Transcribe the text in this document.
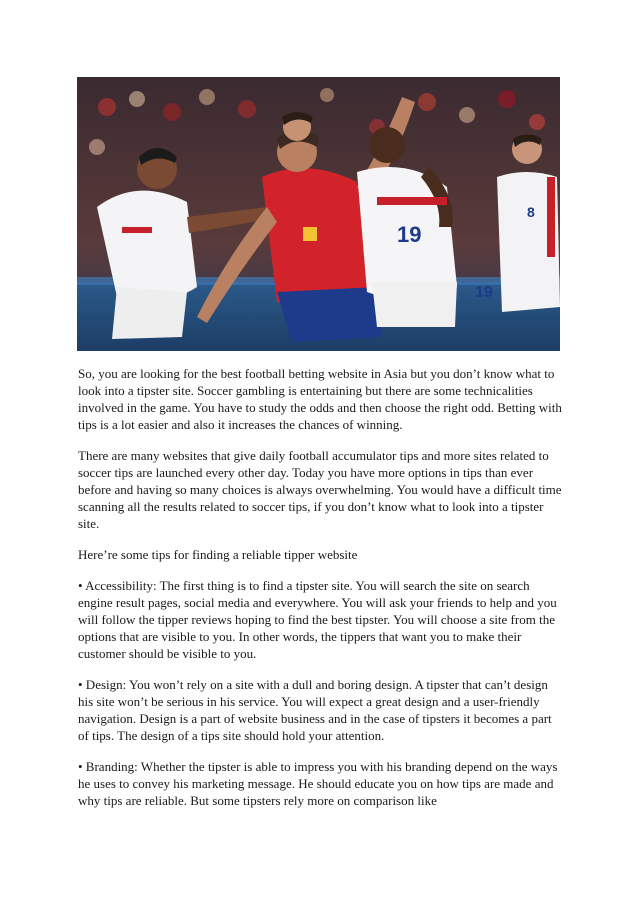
19
19
8

So, you are looking for the best football betting website in Asia but you don’t know what to look into a tipster site. Soccer gambling is entertaining but there are some technicalities involved in the game. You have to study the odds and then choose the right odd. Betting with tips is a lot easier and also it increases the chances of winning.

There are many websites that give daily football accumulator tips and more sites related to soccer tips are launched every other day. Today you have more options in tips than ever before and having so many choices is always overwhelming. You would have a difficult time scanning all the results related to soccer tips, if you don’t know what to look into a tipster site.

Here’re some tips for finding a reliable tipper website

• Accessibility: The first thing is to find a tipster site. You will search the site on search engine result pages, social media and everywhere. You will ask your friends to help and you will follow the tipper reviews hoping to find the best tipster. You will choose a site from the options that are visible to you. In other words, the tippers that want you to make their customer should be visible to you.

• Design: You won’t rely on a site with a dull and boring design. A tipster that can’t design his site won’t be serious in his service. You will expect a great design and a user-friendly navigation. Design is a part of website business and in the case of tipsters it becomes a part of tips. The design of a tips site should hold your attention.

• Branding: Whether the tipster is able to impress you with his branding depend on the ways he uses to convey his marketing message. He should educate you on how tips are made and why tips are reliable. But some tipsters rely more on comparison like
